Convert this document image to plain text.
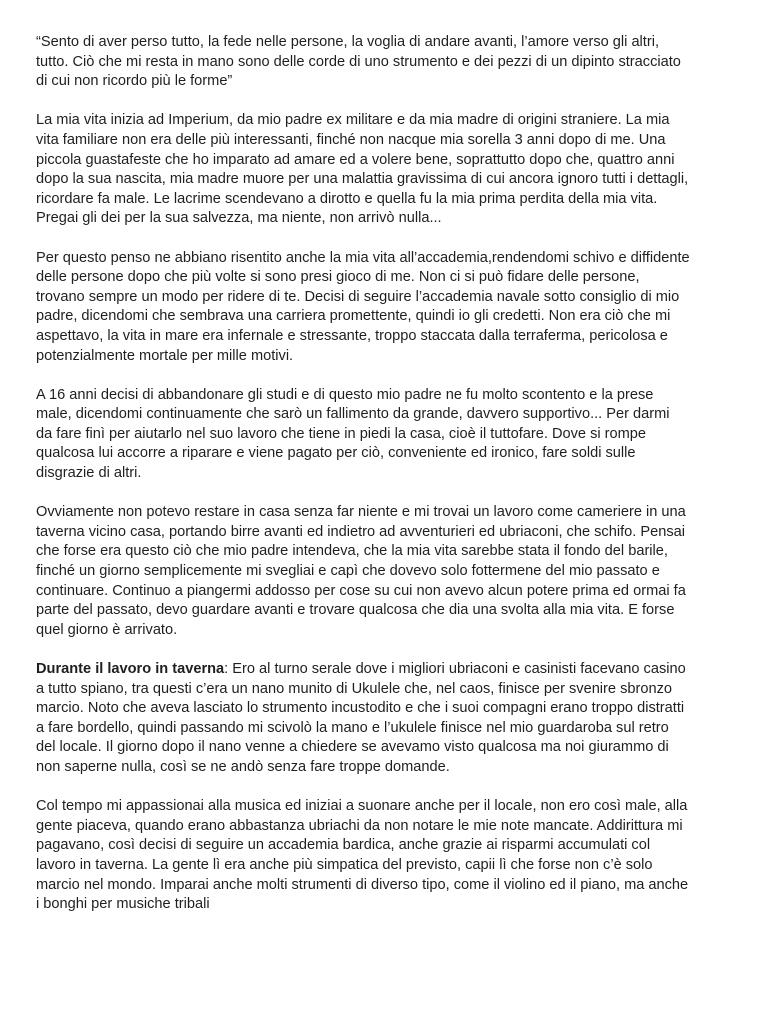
“Sento di aver perso tutto, la fede nelle persone, la voglia di andare avanti, l’amore verso gli altri,
tutto. Ciò che mi resta in mano sono delle corde di uno strumento e dei pezzi di un dipinto stracciato
di cui non ricordo più le forme”

La mia vita inizia ad Imperium, da mio padre ex militare e da mia madre di origini straniere. La mia
vita familiare non era delle più interessanti, finché non nacque mia sorella 3 anni dopo di me. Una
piccola guastafeste che ho imparato ad amare ed a volere bene, soprattutto dopo che, quattro anni
dopo la sua nascita, mia madre muore per una malattia gravissima di cui ancora ignoro tutti i dettagli,
ricordare fa male. Le lacrime scendevano a dirotto e quella fu la mia prima perdita della mia vita.
Pregai gli dei per la sua salvezza, ma niente, non arrivò nulla...

Per questo penso ne abbiano risentito anche la mia vita all’accademia,rendendomi schivo e diffidente
delle persone dopo che più volte si sono presi gioco di me. Non ci si può fidare delle persone,
trovano sempre un modo per ridere di te. Decisi di seguire l’accademia navale sotto consiglio di mio
padre, dicendomi che sembrava una carriera promettente, quindi io gli credetti. Non era ciò che mi
aspettavo, la vita in mare era infernale e stressante, troppo staccata dalla terraferma, pericolosa e
potenzialmente mortale per mille motivi.

A 16 anni decisi di abbandonare gli studi e di questo mio padre ne fu molto scontento e la prese
male, dicendomi continuamente che sarò un fallimento da grande, davvero supportivo... Per darmi
da fare finì per aiutarlo nel suo lavoro che tiene in piedi la casa, cioè il tuttofare. Dove si rompe
qualcosa lui accorre a riparare e viene pagato per ciò, conveniente ed ironico, fare soldi sulle
disgrazie di altri.

Ovviamente non potevo restare in casa senza far niente e mi trovai un lavoro come cameriere in una
taverna vicino casa, portando birre avanti ed indietro ad avventurieri ed ubriaconi, che schifo. Pensai
che forse era questo ciò che mio padre intendeva, che la mia vita sarebbe stata il fondo del barile,
finché un giorno semplicemente mi svegliai e capì che dovevo solo fottermene del mio passato e
continuare. Continuo a piangermi addosso per cose su cui non avevo alcun potere prima ed ormai fa
parte del passato, devo guardare avanti e trovare qualcosa che dia una svolta alla mia vita. E forse
quel giorno è arrivato.

Durante il lavoro in taverna: Ero al turno serale dove i migliori ubriaconi e casinisti facevano casino
a tutto spiano, tra questi c’era un nano munito di Ukulele che, nel caos, finisce per svenire sbronzo
marcio. Noto che aveva lasciato lo strumento incustodito e che i suoi compagni erano troppo distratti
a fare bordello, quindi passando mi scivolò la mano e l’ukulele finisce nel mio guardaroba sul retro
del locale. Il giorno dopo il nano venne a chiedere se avevamo visto qualcosa ma noi giurammo di
non saperne nulla, così se ne andò senza fare troppe domande.

Col tempo mi appassionai alla musica ed iniziai a suonare anche per il locale, non ero così male, alla
gente piaceva, quando erano abbastanza ubriachi da non notare le mie note mancate. Addirittura mi
pagavano, così decisi di seguire un accademia bardica, anche grazie ai risparmi accumulati col
lavoro in taverna. La gente lì era anche più simpatica del previsto, capii lì che forse non c’è solo
marcio nel mondo. Imparai anche molti strumenti di diverso tipo, come il violino ed il piano, ma anche
i bonghi per musiche tribali
